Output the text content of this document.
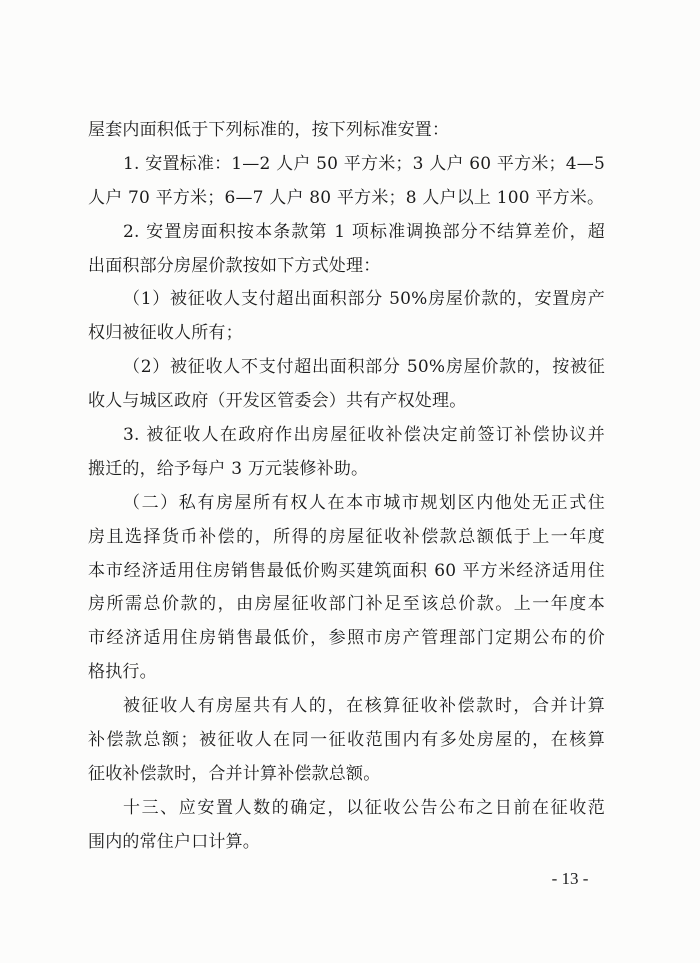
屋套内面积低于下列标准的，按下列标准安置：
1. 安置标准：1—2 人户 50 平方米；3 人户 60 平方米；4—5
人户 70 平方米；6—7 人户 80 平方米；8 人户以上 100 平方米。
2. 安置房面积按本条款第 1 项标准调换部分不结算差价，超
出面积部分房屋价款按如下方式处理：
（1）被征收人支付超出面积部分 50%房屋价款的，安置房产
权归被征收人所有；
（2）被征收人不支付超出面积部分 50%房屋价款的，按被征
收人与城区政府（开发区管委会）共有产权处理。
3. 被征收人在政府作出房屋征收补偿决定前签订补偿协议并
搬迁的，给予每户 3 万元装修补助。
（二）私有房屋所有权人在本市城市规划区内他处无正式住
房且选择货币补偿的，所得的房屋征收补偿款总额低于上一年度
本市经济适用住房销售最低价购买建筑面积 60 平方米经济适用住
房所需总价款的，由房屋征收部门补足至该总价款。上一年度本
市经济适用住房销售最低价，参照市房产管理部门定期公布的价
格执行。
被征收人有房屋共有人的，在核算征收补偿款时，合并计算
补偿款总额；被征收人在同一征收范围内有多处房屋的，在核算
征收补偿款时，合并计算补偿款总额。
十三、应安置人数的确定，以征收公告公布之日前在征收范
围内的常住户口计算。
- 13 -
